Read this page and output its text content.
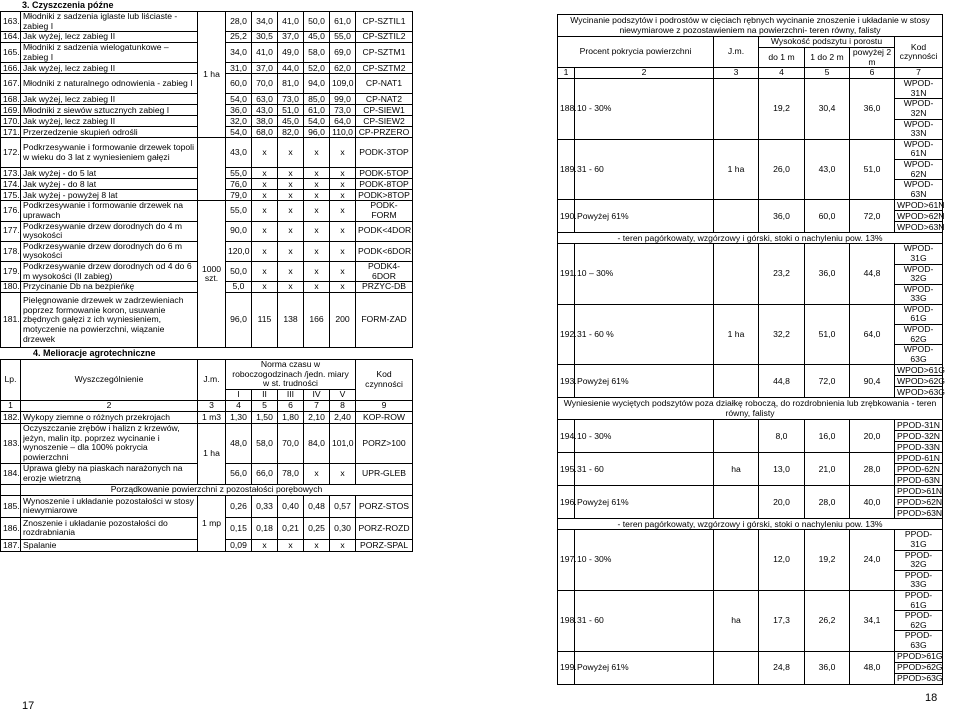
3. Czyszczenia późne
163.	Młodniki z sadzenia iglaste lub liściaste - zabieg I	1 ha	28,0	34,0	41,0	50,0	61,0	CP-SZTIL1
164.	Jak wyżej, lecz zabieg II		25,2	30,5	37,0	45,0	55,0	CP-SZTIL2
165.	Młodniki z sadzenia wielogatunkowe – zabieg I		34,0	41,0	49,0	58,0	69,0	CP-SZTM1
166.	Jak wyżej, lecz zabieg II		31,0	37,0	44,0	52,0	62,0	CP-SZTM2
167.	Młodniki z naturalnego odnowienia - zabieg I		60,0	70,0	81,0	94,0	109,0	CP-NAT1
168.	Jak wyżej, lecz zabieg II		54,0	63,0	73,0	85,0	99,0	CP-NAT2
169.	Młodniki z siewów sztucznych zabieg I		36,0	43,0	51,0	61,0	73,0	CP-SIEW1
170.	Jak wyżej, lecz zabieg II		32,0	38,0	45,0	54,0	64,0	CP-SIEW2
171.	Przerzedzenie skupień odrośli		54,0	68,0	82,0	96,0	110,0	CP-PRZERO
172.	Podkrzesywanie i formowanie drzewek topoli w wieku do 3 lat z wyniesieniem gałęzi		43,0	x	x	x	x	PODK-3TOP
173.	Jak wyżej - do 5 lat		55,0	x	x	x	x	PODK-5TOP
174.	Jak wyżej - do 8 lat		76,0	x	x	x	x	PODK-8TOP
175.	Jak wyżej - powyżej 8 lat		79,0	x	x	x	x	PODK>8TOP
176.	Podkrzesywanie i formowanie drzewek na uprawach	1000 szt.	55,0	x	x	x	x	PODK-FORM
177.	Podkrzesywanie drzew dorodnych do 4 m wysokości		90,0	x	x	x	x	PODK<4DOR
178.	Podkrzesywanie drzew dorodnych do 6 m wysokości		120,0	x	x	x	x	PODK<6DOR
179.	Podkrzesywanie drzew dorodnych od 4 do 6 m wysokości (II zabieg)		50,0	x	x	x	x	PODK4-6DOR
180.	Przycinanie Db na bezpieńkę		5,0	x	x	x	x	PRZYC-DB
181.	Pielęgnowanie drzewek w zadrzewieniach poprzez formowanie koron, usuwanie zbędnych gałęzi z ich wyniesieniem, motyczenie na powierzchni, wiązanie drzewek		96,0	115	138	166	200	FORM-ZAD
4. Melioracje agrotechniczne
Lp.	Wyszczególnienie	J.m.	Norma czasu w roboczogodzinach /jedn. miary w st. trudności					Kod czynności
			I	II	III	IV	V	
1	2	3	4	5	6	7	8	9
182.	Wykopy ziemne o różnych przekrojach	1 m3	1,30	1,50	1,80	2,10	2,40	KOP-ROW
183.	Oczyszczanie zrębów i halizn z krzewów, jeżyn, malin itp. poprzez wycinanie i wynoszenie – dla 100% pokrycia powierzchni	1 ha	48,0	58,0	70,0	84,0	101,0	PORZ>100
184.	Uprawa gleby na piaskach narażonych na erozje wietrzną		56,0	66,0	78,0	x	x	UPR-GLEB
	Porządkowanie powierzchni z pozostałości porębowych							
185.	Wynoszenie i układanie pozostałości w stosy niewymiarowe	1 mp	0,26	0,33	0,40	0,48	0,57	PORZ-STOS
186.	Znoszenie i układanie pozostałości do rozdrabniania		0,15	0,18	0,21	0,25	0,30	PORZ-ROZD
187.	Spalanie		0,09	x	x	x	x	PORZ-SPAL
17
Wycinanie podszytów i podrostów w cięciach rębnych wycinanie znoszenie i układanie w stosy niewymiarowe z pozostawieniem na powierzchni- teren równy, falisty						
Procent pokrycia powierzchni		J.m.	Wysokość podszytu i porostu			Kod czynności
			do 1 m	1 do 2 m	powyżej 2 m	
1	2	3	4	5	6	7
188.	10 - 30%		19,2	30,4	36,0	WPOD-31N
						WPOD-32N
						WPOD-33N
189.	31 - 60	1 ha	26,0	43,0	51,0	WPOD-61N
						WPOD-62N
						WPOD-63N
190.	Powyżej 61%		36,0	60,0	72,0	WPOD>61N
						WPOD>62N
						WPOD>63N
- teren pagórkowaty, wzgórzowy i górski, stoki o nachyleniu pow. 13%						
191.	10 – 30%		23,2	36,0	44,8	WPOD-31G
						WPOD-32G
						WPOD-33G
192.	31 - 60 %	1 ha	32,2	51,0	64,0	WPOD-61G
						WPOD-62G
						WPOD-63G
193.	Powyżej 61%		44,8	72,0	90,4	WPOD>61G
						WPOD>62G
						WPOD>63G
Wyniesienie wyciętych podszytów poza działkę roboczą, do rozdrobnienia lub zrębkowania - teren równy, falisty						
194.	10 - 30%		8,0	16,0	20,0	PPOD-31N
						PPOD-32N
						PPOD-33N
195.	31 - 60	ha	13,0	21,0	28,0	PPOD-61N
						PPOD-62N
						PPOD-63N
196.	Powyżej 61%		20,0	28,0	40,0	PPOD>61N
						PPOD>62N
						PPOD>63N
- teren pagórkowaty, wzgórzowy i górski, stoki o nachyleniu pow. 13%						
197.	10 - 30%		12,0	19,2	24,0	PPOD-31G
						PPOD-32G
						PPOD-33G
198.	31 - 60	ha	17,3	26,2	34,1	PPOD-61G
						PPOD-62G
						PPOD-63G
199.	Powyżej 61%		24,8	36,0	48,0	PPOD>61G
						PPOD>62G
						PPOD>63G
18
